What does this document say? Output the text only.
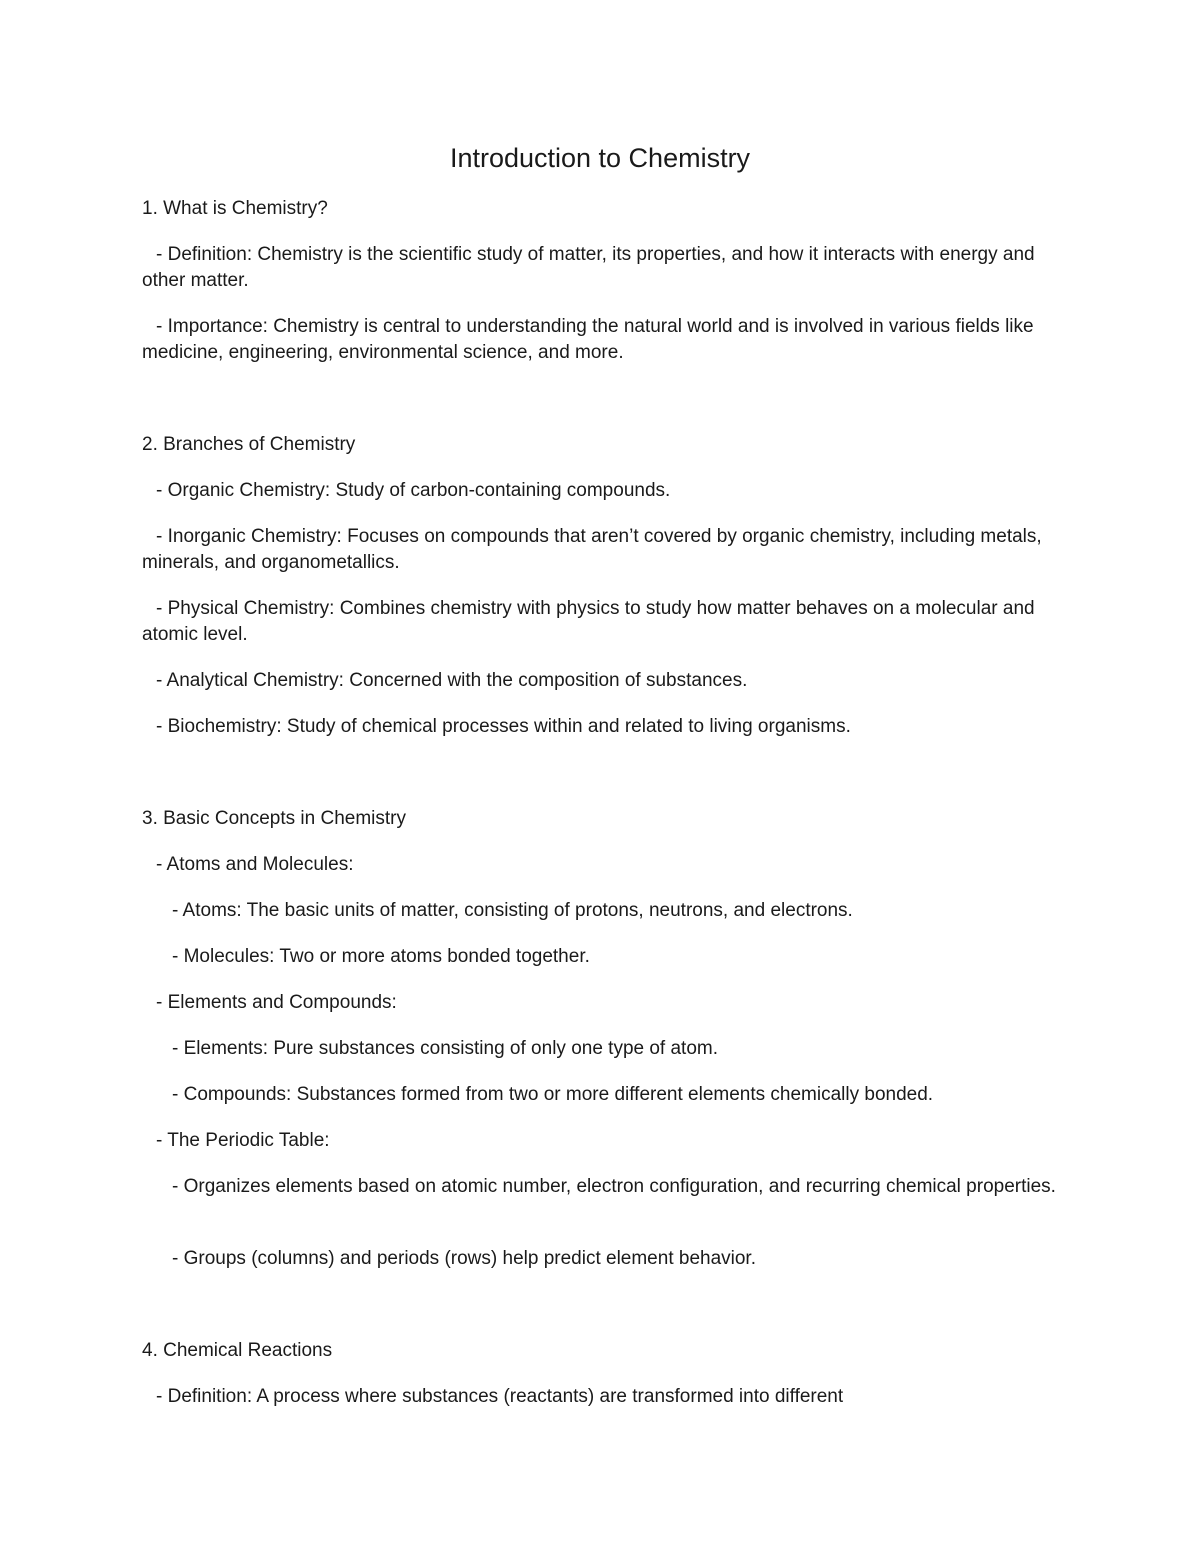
Introduction to Chemistry
1. What is Chemistry?
- Definition: Chemistry is the scientific study of matter, its properties, and how it interacts with energy and other matter.
- Importance: Chemistry is central to understanding the natural world and is involved in various fields like medicine, engineering, environmental science, and more.
2. Branches of Chemistry
- Organic Chemistry: Study of carbon-containing compounds.
- Inorganic Chemistry: Focuses on compounds that aren’t covered by organic chemistry, including metals, minerals, and organometallics.
- Physical Chemistry: Combines chemistry with physics to study how matter behaves on a molecular and atomic level.
- Analytical Chemistry: Concerned with the composition of substances.
- Biochemistry: Study of chemical processes within and related to living organisms.
3. Basic Concepts in Chemistry
- Atoms and Molecules:
- Atoms: The basic units of matter, consisting of protons, neutrons, and electrons.
- Molecules: Two or more atoms bonded together.
- Elements and Compounds:
- Elements: Pure substances consisting of only one type of atom.
- Compounds: Substances formed from two or more different elements chemically bonded.
- The Periodic Table:
- Organizes elements based on atomic number, electron configuration, and recurring chemical properties.
- Groups (columns) and periods (rows) help predict element behavior.
4. Chemical Reactions
- Definition: A process where substances (reactants) are transformed into different
